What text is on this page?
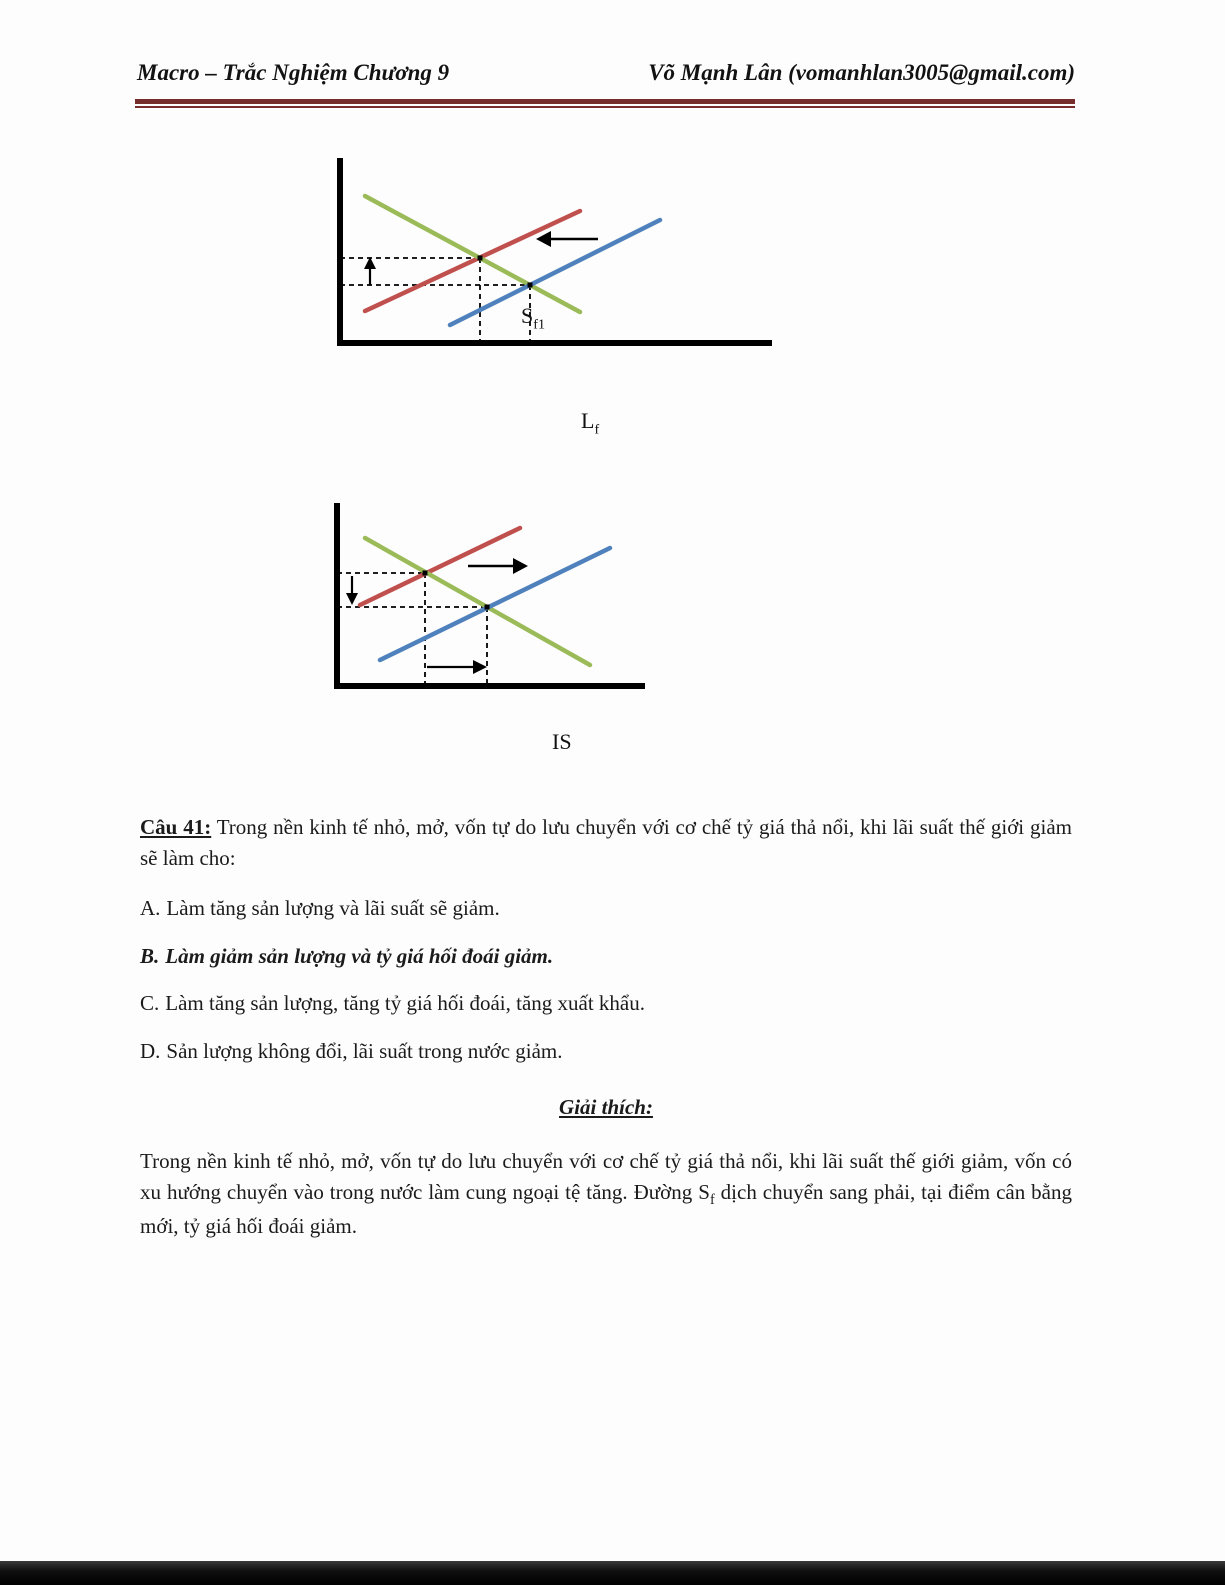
Macro – Trắc Nghiệm Chương 9	Võ Mạnh Lân (vomanhlan3005@gmail.com)
$S_{f1}$
$L_f$
IS

Câu 41: Trong nền kinh tế nhỏ, mở, vốn tự do lưu chuyển với cơ chế tỷ giá thả nổi, khi lãi suất thế giới giảm sẽ làm cho:

A. Làm tăng sản lượng và lãi suất sẽ giảm.

B. Làm giảm sản lượng và tỷ giá hối đoái giảm.

C. Làm tăng sản lượng, tăng tỷ giá hối đoái, tăng xuất khẩu.

D. Sản lượng không đổi, lãi suất trong nước giảm.

Giải thích:

Trong nền kinh tế nhỏ, mở, vốn tự do lưu chuyển với cơ chế tỷ giá thả nổi, khi lãi suất thế giới giảm, vốn có xu hướng chuyển vào trong nước làm cung ngoại tệ tăng. Đường $S_f$ dịch chuyển sang phải, tại điểm cân bằng mới, tỷ giá hối đoái giảm.
